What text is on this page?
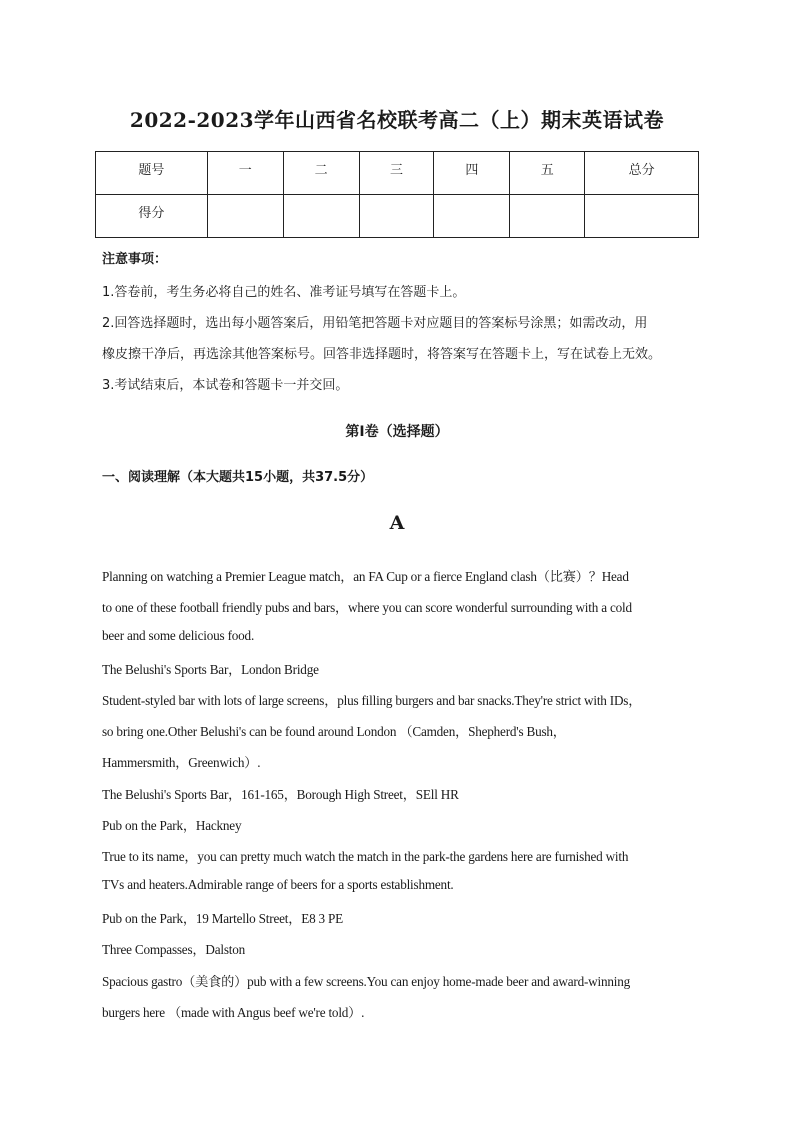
2022-2023学年山西省名校联考高二（上）期末英语试卷
题号	一	二	三	四	五	总分
得分						
注意事项：
1.答卷前，考生务必将自己的姓名、准考证号填写在答题卡上。
2.回答选择题时，选出每小题答案后，用铅笔把答题卡对应题目的答案标号涂黑；如需改动，用
橡皮擦干净后，再选涂其他答案标号。回答非选择题时，将答案写在答题卡上，写在试卷上无效。
3.考试结束后，本试卷和答题卡一并交回。
第Ⅰ卷（选择题）
一、阅读理解（本大题共15小题，共37.5分）
A
Planning on watching a Premier League match，an FA Cup or a fierce England clash（比赛）？Head
to one of these football friendly pubs and bars，where you can score wonderful surrounding with a cold
beer and some delicious food.
The Belushi's Sports Bar，London Bridge
Student-styled bar with lots of large screens，plus filling burgers and bar snacks.They're strict with IDs，
so bring one.Other Belushi's can be found around London （Camden，Shepherd's Bush，
Hammersmith，Greenwich）.
The Belushi's Sports Bar，161-165，Borough High Street，SEll HR
Pub on the Park，Hackney
True to its name，you can pretty much watch the match in the park-the gardens here are furnished with
TVs and heaters.Admirable range of beers for a sports establishment.
Pub on the Park，19 Martello Street，E8 3 PE
Three Compasses，Dalston
Spacious gastro（美食的）pub with a few screens.You can enjoy home-made beer and award-winning
burgers here （made with Angus beef we're told）.
